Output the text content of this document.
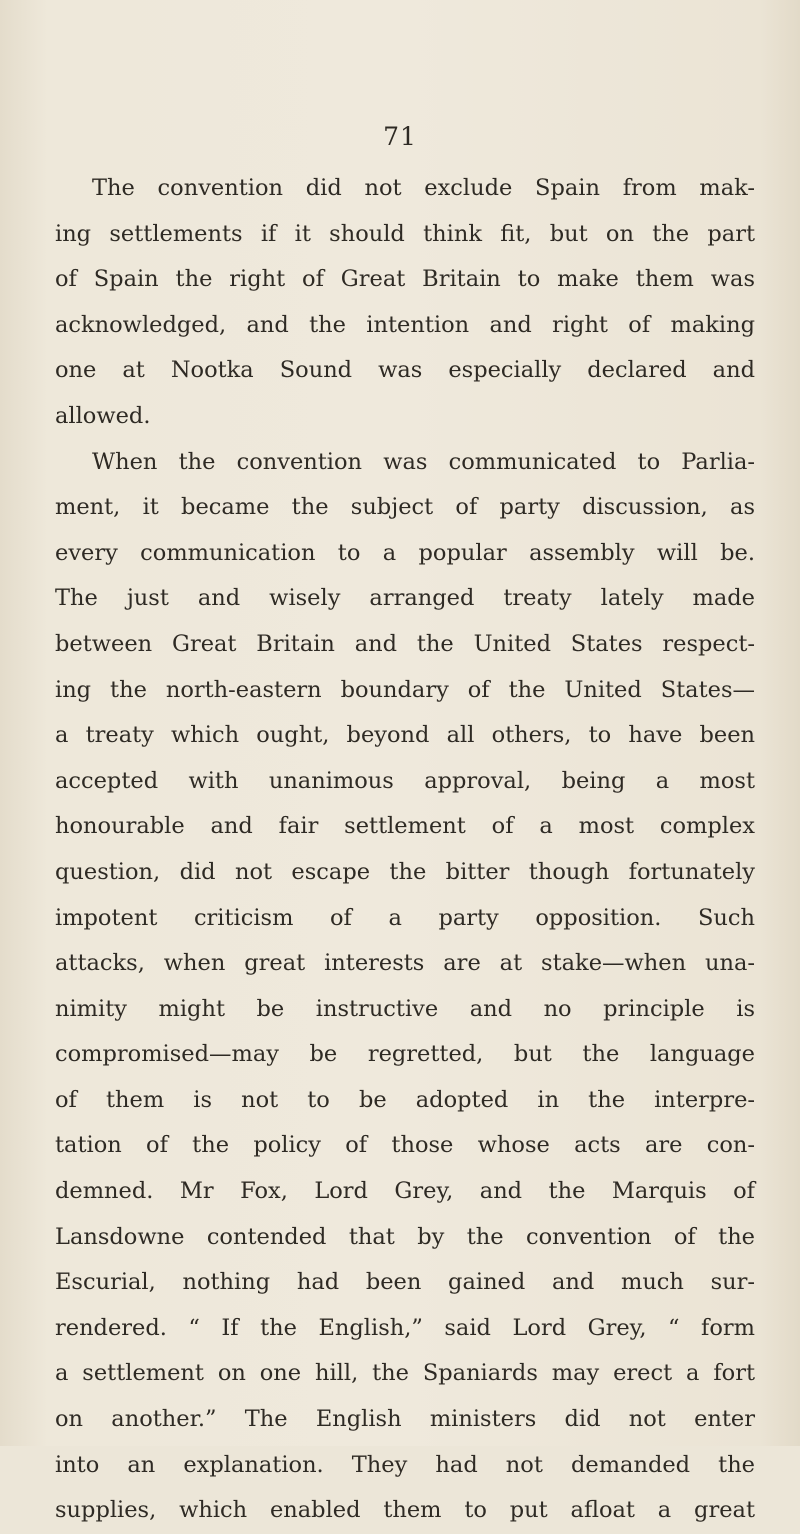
71
The convention did not exclude Spain from mak-
ing settlements if it should think fit, but on the part
of Spain the right of Great Britain to make them was
acknowledged, and the intention and right of making
one at Nootka Sound was especially declared and
allowed.
When the convention was communicated to Parlia-
ment, it became the subject of party discussion, as
every communication to a popular assembly will be.
The just and wisely arranged treaty lately made
between Great Britain and the United States respect-
ing the north-eastern boundary of the United States—
a treaty which ought, beyond all others, to have been
accepted with unanimous approval, being a most
honourable and fair settlement of a most complex
question, did not escape the bitter though fortunately
impotent criticism of a party opposition. Such
attacks, when great interests are at stake—when una-
nimity might be instructive and no principle is
compromised—may be regretted, but the language
of them is not to be adopted in the interpre-
tation of the policy of those whose acts are con-
demned. Mr Fox, Lord Grey, and the Marquis of
Lansdowne contended that by the convention of the
Escurial, nothing had been gained and much sur-
rendered. “ If the English,” said Lord Grey, “ form
a settlement on one hill, the Spaniards may erect a fort
on another.” The English ministers did not enter
into an explanation. They had not demanded the
supplies, which enabled them to put afloat a great
